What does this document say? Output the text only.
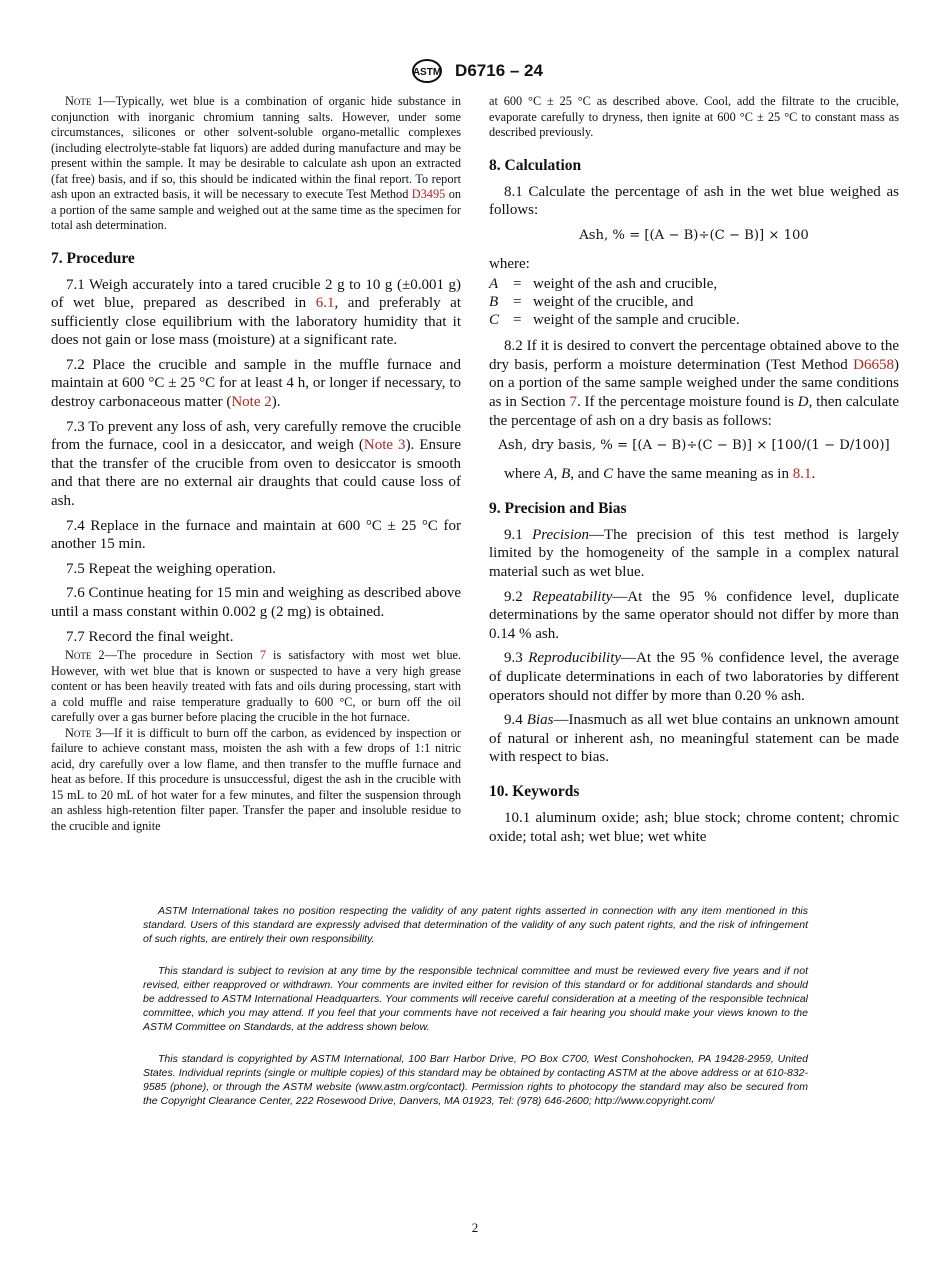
ASTM D6716 – 24

Note 1—Typically, wet blue is a combination of organic hide substance in conjunction with inorganic chromium tanning salts. However, under some circumstances, silicones or other solvent-soluble organo-metallic complexes (including electrolyte-stable fat liquors) are added during manufacture and may be present within the sample. It may be desirable to calculate ash upon an extracted (fat free) basis, and if so, this should be indicated within the final report. To report ash upon an extracted basis, it will be necessary to execute Test Method D3495 on a portion of the same sample and weighed out at the same time as the specimen for total ash determination.

7. Procedure

7.1 Weigh accurately into a tared crucible 2 g to 10 g (±0.001 g) of wet blue, prepared as described in 6.1, and preferably at sufficiently close equilibrium with the laboratory humidity that it does not gain or lose mass (moisture) at a significant rate.

7.2 Place the crucible and sample in the muffle furnace and maintain at 600 °C ± 25 °C for at least 4 h, or longer if necessary, to destroy carbonaceous matter (Note 2).

7.3 To prevent any loss of ash, very carefully remove the crucible from the furnace, cool in a desiccator, and weigh (Note 3). Ensure that the transfer of the crucible from oven to desiccator is smooth and that there are no external air draughts that could cause loss of ash.

7.4 Replace in the furnace and maintain at 600 °C ± 25 °C for another 15 min.

7.5 Repeat the weighing operation.

7.6 Continue heating for 15 min and weighing as described above until a mass constant within 0.002 g (2 mg) is obtained.

7.7 Record the final weight.

Note 2—The procedure in Section 7 is satisfactory with most wet blue. However, with wet blue that is known or suspected to have a very high grease content or has been heavily treated with fats and oils during processing, start with a cold muffle and raise temperature gradually to 600 °C, or burn off the oil carefully over a gas burner before placing the crucible in the hot furnace.

Note 3—If it is difficult to burn off the carbon, as evidenced by inspection or failure to achieve constant mass, moisten the ash with a few drops of 1:1 nitric acid, dry carefully over a low flame, and then transfer to the muffle furnace and heat as before. If this procedure is unsuccessful, digest the ash in the crucible with 15 mL to 20 mL of hot water for a few minutes, and filter the suspension through an ashless high-retention filter paper. Transfer the paper and insoluble residue to the crucible and ignite

at 600 °C ± 25 °C as described above. Cool, add the filtrate to the crucible, evaporate carefully to dryness, then ignite at 600 °C ± 25 °C to constant mass as described previously.

8. Calculation

8.1 Calculate the percentage of ash in the wet blue weighed as follows:

Ash, % = [(A − B)÷(C − B)] × 100
where:
A	=	weight of the ash and crucible,
B	=	weight of the crucible, and
C	=	weight of the sample and crucible.

8.2 If it is desired to convert the percentage obtained above to the dry basis, perform a moisture determination (Test Method D6658) on a portion of the same sample weighed under the same conditions as in Section 7. If the percentage moisture found is D, then calculate the percentage of ash on a dry basis as follows:

Ash, dry basis, % = [(A − B)÷(C − B)] × [100/(1 − D/100)]

where A, B, and C have the same meaning as in 8.1.

9. Precision and Bias

9.1 Precision—The precision of this test method is largely limited by the homogeneity of the sample in a complex natural material such as wet blue.

9.2 Repeatability—At the 95 % confidence level, duplicate determinations by the same operator should not differ by more than 0.14 % ash.

9.3 Reproducibility—At the 95 % confidence level, the average of duplicate determinations in each of two laboratories by different operators should not differ by more than 0.20 % ash.

9.4 Bias—Inasmuch as all wet blue contains an unknown amount of natural or inherent ash, no meaningful statement can be made with respect to bias.

10. Keywords

10.1 aluminum oxide; ash; blue stock; chrome content; chromic oxide; total ash; wet blue; wet white

ASTM International takes no position respecting the validity of any patent rights asserted in connection with any item mentioned in this standard. Users of this standard are expressly advised that determination of the validity of any such patent rights, and the risk of infringement of such rights, are entirely their own responsibility.

This standard is subject to revision at any time by the responsible technical committee and must be reviewed every five years and if not revised, either reapproved or withdrawn. Your comments are invited either for revision of this standard or for additional standards and should be addressed to ASTM International Headquarters. Your comments will receive careful consideration at a meeting of the responsible technical committee, which you may attend. If you feel that your comments have not received a fair hearing you should make your views known to the ASTM Committee on Standards, at the address shown below.

This standard is copyrighted by ASTM International, 100 Barr Harbor Drive, PO Box C700, West Conshohocken, PA 19428-2959, United States. Individual reprints (single or multiple copies) of this standard may be obtained by contacting ASTM at the above address or at 610-832-9585 (phone), or through the ASTM website (www.astm.org/contact). Permission rights to photocopy the standard may also be secured from the Copyright Clearance Center, 222 Rosewood Drive, Danvers, MA 01923, Tel: (978) 646-2600; http://www.copyright.com/

2
